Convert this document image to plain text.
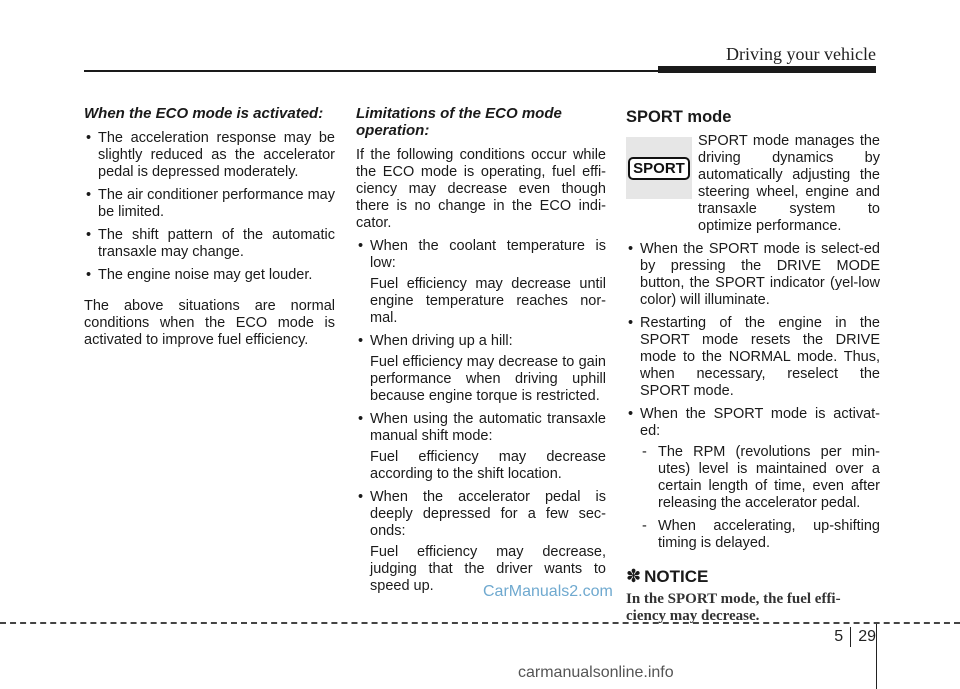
Driving your vehicle
When the ECO mode is activated:
• The acceleration response may be slightly reduced as the accelerator pedal is depressed moderately.
• The air conditioner performance may be limited.
• The shift pattern of the automatic transaxle may change.
• The engine noise may get louder.

The above situations are normal conditions when the ECO mode is activated to improve fuel efficiency.

Limitations of the ECO mode operation:

If the following conditions occur while the ECO mode is operating, fuel effi-ciency may decrease even though there is no change in the ECO indi-cator.

• When the coolant temperature is low:
Fuel efficiency may decrease until engine temperature reaches nor-mal.
• When driving up a hill:
Fuel efficiency may decrease to gain performance when driving uphill because engine torque is restricted.
• When using the automatic transaxle manual shift mode:
Fuel efficiency may decrease according to the shift location.
• When the accelerator pedal is deeply depressed for a few sec-onds:
Fuel efficiency may decrease, judging that the driver wants to speed up.
SPORT mode
SPORT
SPORT mode manages the driving dynamics by automatically adjusting the steering wheel, engine and transaxle system to optimize performance.
• When the SPORT mode is select-ed by pressing the DRIVE MODE button, the SPORT indicator (yel-low color) will illuminate.
• Restarting of the engine in the SPORT mode resets the DRIVE mode to the NORMAL mode. Thus, when necessary, reselect the SPORT mode.
• When the SPORT mode is activat-ed:
- The RPM (revolutions per min-utes) level is maintained over a certain length of time, even after releasing the accelerator pedal.
- When accelerating, up-shifting timing is delayed.
✽ NOTICE
In the SPORT mode, the fuel effi-ciency may decrease.
CarManuals2.com
5 29
carmanualsonline.info
